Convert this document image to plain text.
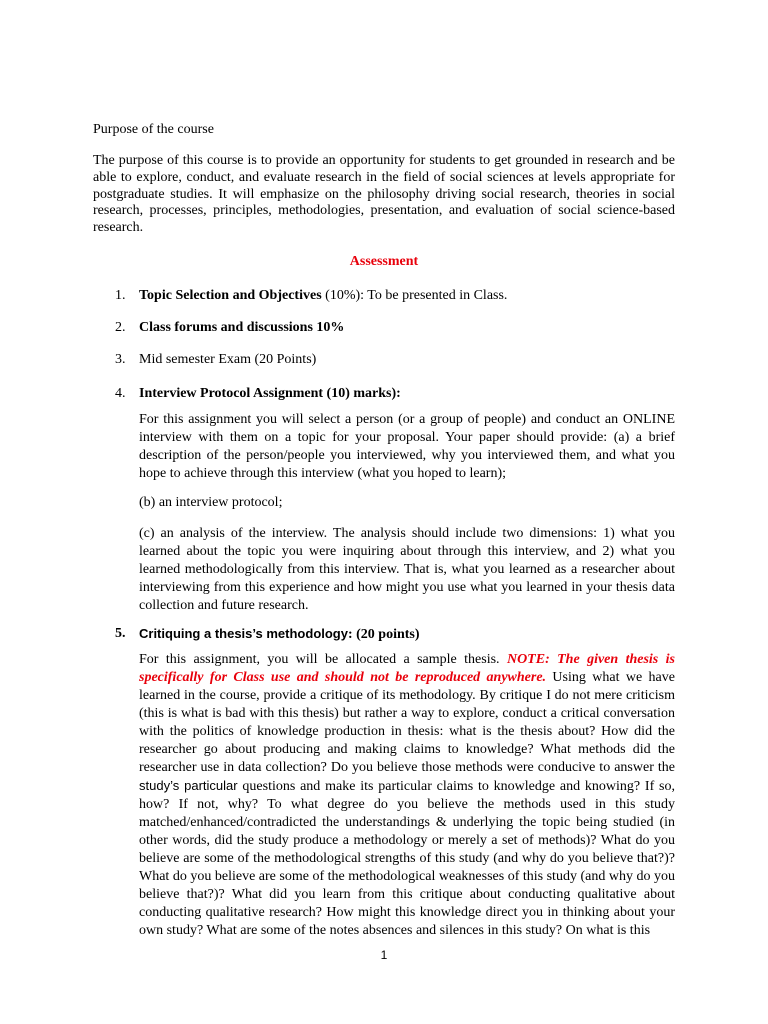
Purpose of the course

The purpose of this course is to provide an opportunity for students to get grounded in research and be able to explore, conduct, and evaluate research in the field of social sciences at levels appropriate for postgraduate studies. It will emphasize on the philosophy driving social research, theories in social research, processes, principles, methodologies, presentation, and evaluation of social science-based research.

Assessment

1. Topic Selection and Objectives (10%): To be presented in Class.

2. Class forums and discussions 10%

3. Mid semester Exam (20 Points)

4. Interview Protocol Assignment (10) marks):

For this assignment you will select a person (or a group of people) and conduct an ONLINE interview with them on a topic for your proposal. Your paper should provide: (a) a brief description of the person/people you interviewed, why you interviewed them, and what you hope to achieve through this interview (what you hoped to learn);

(b) an interview protocol;

(c) an analysis of the interview. The analysis should include two dimensions: 1) what you learned about the topic you were inquiring about through this interview, and 2) what you learned methodologically from this interview. That is, what you learned as a researcher about interviewing from this experience and how might you use what you learned in your thesis data collection and future research.

5. Critiquing a thesis’s methodology: (20 points)

For this assignment, you will be allocated a sample thesis. NOTE: The given thesis is specifically for Class use and should not be reproduced anywhere. Using what we have learned in the course, provide a critique of its methodology. By critique I do not mere criticism (this is what is bad with this thesis) but rather a way to explore, conduct a critical conversation with the politics of knowledge production in thesis: what is the thesis about? How did the researcher go about producing and making claims to knowledge? What methods did the researcher use in data collection? Do you believe those methods were conducive to answer the study’s particular questions and make its particular claims to knowledge and knowing? If so, how? If not, why? To what degree do you believe the methods used in this study matched/enhanced/contradicted the understandings & underlying the topic being studied (in other words, did the study produce a methodology or merely a set of methods)? What do you believe are some of the methodological strengths of this study (and why do you believe that?)? What do you believe are some of the methodological weaknesses of this study (and why do you believe that?)? What did you learn from this critique about conducting qualitative about conducting qualitative research? How might this knowledge direct you in thinking about your own study? What are some of the notes absences and silences in this study? On what is this

1
